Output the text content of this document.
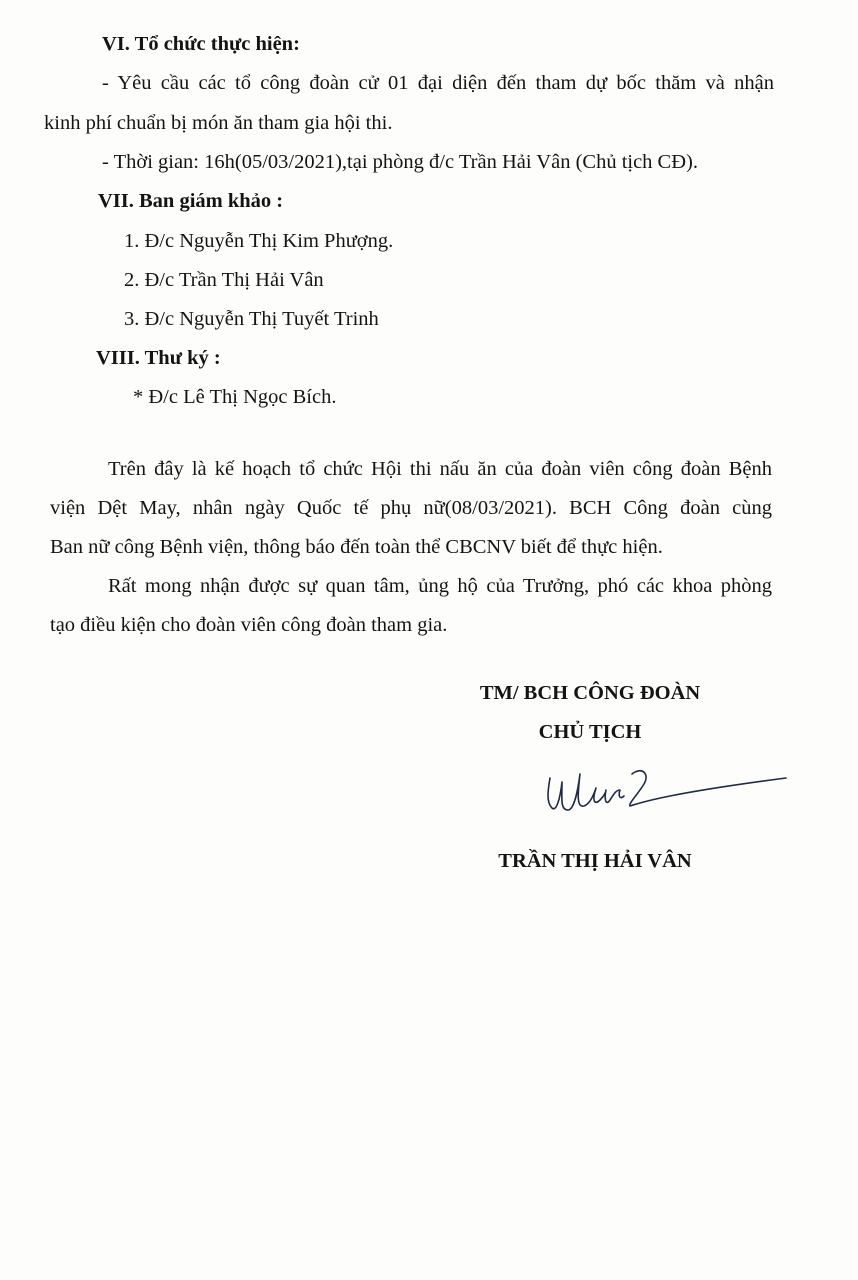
VI. Tổ chức thực hiện:
- Yêu cầu các tổ công đoàn cử 01 đại diện đến tham dự bốc thăm và nhận
kinh phí chuẩn bị món ăn tham gia hội thi.
- Thời gian: 16h(05/03/2021),tại phòng đ/c Trần Hải Vân (Chủ tịch CĐ).
VII. Ban giám khảo :
1. Đ/c Nguyễn Thị Kim Phượng.
2. Đ/c Trần Thị Hải Vân
3. Đ/c Nguyễn Thị Tuyết Trinh
VIII. Thư ký :
* Đ/c Lê Thị Ngọc Bích.
Trên đây là kế hoạch tổ chức Hội thi nấu ăn của đoàn viên công đoàn Bệnh
viện Dệt May, nhân ngày Quốc tế phụ nữ(08/03/2021). BCH Công đoàn cùng
Ban nữ công Bệnh viện, thông báo đến toàn thể CBCNV biết để thực hiện.
Rất mong nhận được sự quan tâm, ủng hộ của Trưởng, phó các khoa phòng
tạo điều kiện cho đoàn viên công đoàn tham gia.
TM/ BCH CÔNG ĐOÀN
CHỦ TỊCH
TRẦN THỊ HẢI VÂN
